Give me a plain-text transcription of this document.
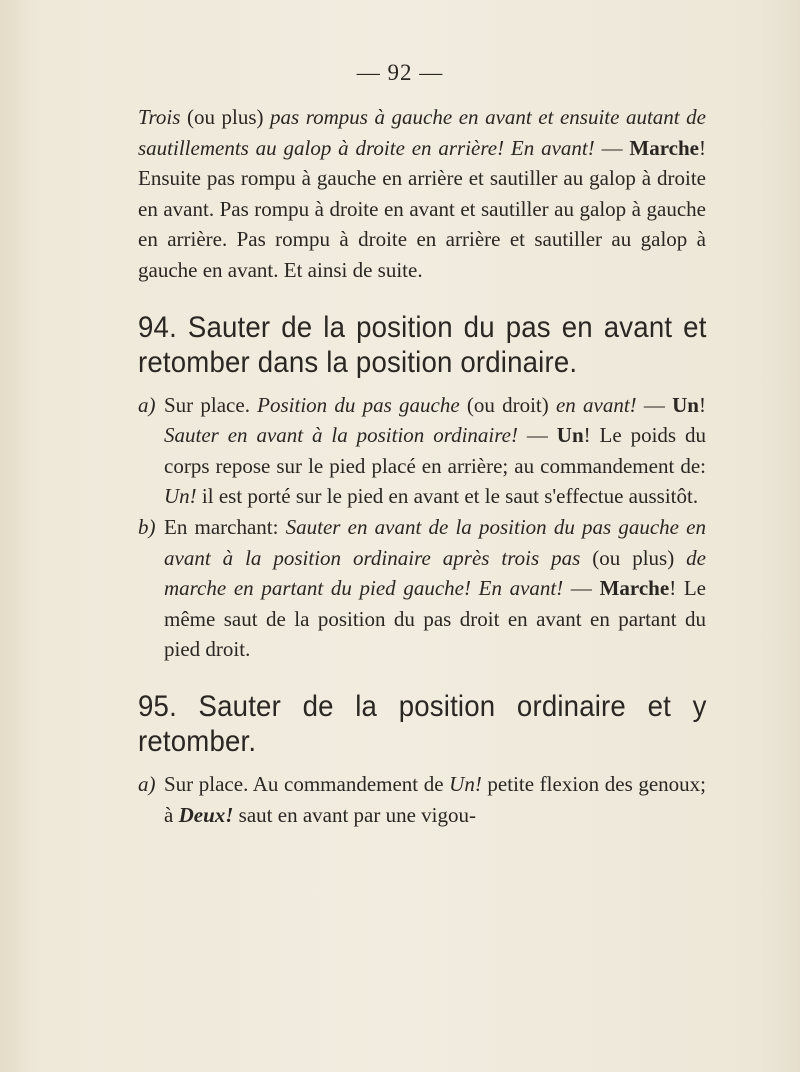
— 92 —

Trois (ou plus) pas rompus à gauche en avant et ensuite autant de sautillements au galop à droite en arrière! En avant! — Marche! Ensuite pas rompu à gauche en arrière et sautiller au galop à droite en avant. Pas rompu à droite en avant et sautiller au galop à gauche en arrière. Pas rompu à droite en arrière et sautiller au galop à gauche en avant. Et ainsi de suite.

94. Sauter de la position du pas en avant et retomber dans la position ordinaire.
a) Sur place. Position du pas gauche (ou droit) en avant! — Un! Sauter en avant à la position ordinaire! — Un! Le poids du corps repose sur le pied placé en arrière; au commandement de: Un! il est porté sur le pied en avant et le saut s'effectue aussitôt.

b) En marchant: Sauter en avant de la position du pas gauche en avant à la position ordinaire après trois pas (ou plus) de marche en partant du pied gauche! En avant! — Marche! Le même saut de la position du pas droit en avant en partant du pied droit.

95. Sauter de la position ordinaire et y retomber.
a) Sur place. Au commandement de Un! petite flexion des genoux; à Deux! saut en avant par une vigou-
